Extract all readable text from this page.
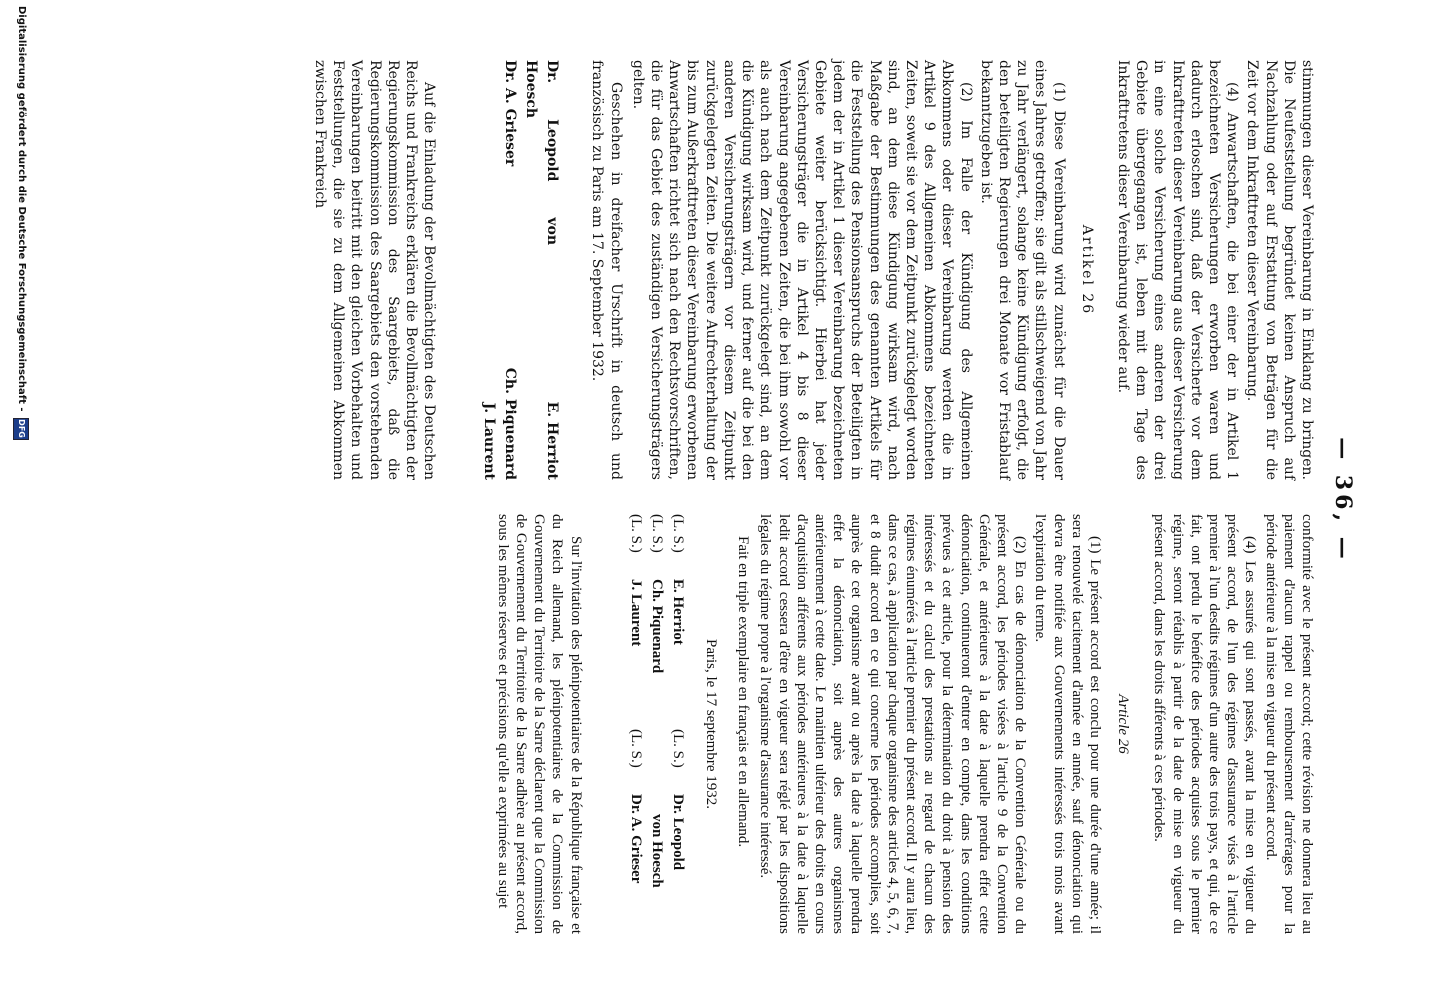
— 36, —

stimmungen dieser Vereinbarung in Einklang zu bringen. Die Neufeststellung begründet keinen Anspruch auf Nachzahlung oder auf Erstattung von Beträgen für die Zeit vor dem Inkrafttreten dieser Vereinbarung.

(4) Anwartschaften, die bei einer der in Artikel 1 bezeichneten Versicherungen erworben waren und dadurch erloschen sind, daß der Versicherte vor dem Inkrafttreten dieser Vereinbarung aus dieser Versicherung in eine solche Versicherung eines anderen der drei Gebiete übergegangen ist, leben mit dem Tage des Inkrafttretens dieser Vereinbarung wieder auf.

Artikel 26

(1) Diese Vereinbarung wird zunächst für die Dauer eines Jahres getroffen; sie gilt als stillschweigend von Jahr zu Jahr verlängert, solange keine Kündigung erfolgt, die den beteiligten Regierungen drei Monate vor Fristablauf bekanntzugeben ist.

(2) Im Falle der Kündigung des Allgemeinen Abkommens oder dieser Vereinbarung werden die in Artikel 9 des Allgemeinen Abkommens bezeichneten Zeiten, soweit sie vor dem Zeitpunkt zurückgelegt worden sind, an dem diese Kündigung wirksam wird, nach Maßgabe der Bestimmungen des genannten Artikels für die Feststellung des Pensionsanspruchs der Beteiligten in jedem der in Artikel 1 dieser Vereinbarung bezeichneten Gebiete weiter berücksichtigt. Hierbei hat jeder Versicherungsträger die in Artikel 4 bis 8 dieser Vereinbarung angegebenen Zeiten, die bei ihm sowohl vor als auch nach dem Zeitpunkt zurückgelegt sind, an dem die Kündigung wirksam wird, und ferner auf die bei den anderen Versicherungsträgern vor diesem Zeitpunkt zurückgelegten Zeiten. Die weitere Aufrechterhaltung der bis zum Außerkrafttreten dieser Vereinbarung erworbenen Anwartschaften richtet sich nach den Rechtsvorschriften, die für das Gebiet des zuständigen Versicherungsträgers gelten.

Geschehen in dreifacher Urschrift in deutsch und französisch zu Paris am 17. September 1932.

Dr. Leopold von Hoesch
E. Herriot
Dr. A. Grieser
Ch. Piquenard
J. Laurent

Auf die Einladung der Bevollmächtigten des Deutschen Reichs und Frankreichs erklären die Bevollmächtigten der Regierungskommission des Saargebiets, daß die Regierungskommission des Saargebiets den vorstehenden Vereinbarungen beitritt mit den gleichen Vorbehalten und Feststellungen, die sie zu dem Allgemeinen Abkommen zwischen Frankreich

conformité avec le présent accord; cette révision ne donnera lieu au paiement d'aucun rappel ou remboursement d'arrérages pour la période antérieure à la mise en vigueur du présent accord.

(4) Les assurés qui sont passés, avant la mise en vigueur du présent accord, de l'un des régimes d'assurance visés à l'article premier à l'un desdits régimes d'un autre des trois pays, et qui, de ce fait, ont perdu le bénéfice des périodes acquises sous le premier régime, seront rétablis à partir de la date de mise en vigueur du présent accord, dans les droits afférents à ces périodes.

Article 26

(1) Le présent accord est conclu pour une durée d'une année; il sera renouvelé tacitement d'année en année, sauf dénonciation qui devra être notifiée aux Gouvernements intéressés trois mois avant l'expiration du terme.

(2) En cas de dénonciation de la Convention Générale ou du présent accord, les périodes visées à l'article 9 de la Convention Générale, et antérieures à la date à laquelle prendra effet cette dénonciation, continueront d'entrer en compte, dans les conditions prévues à cet article, pour la détermination du droit à pension des intéressés et du calcul des prestations au regard de chacun des régimes énumérés à l'article premier du présent accord. Il y aura lieu, dans ce cas, à application par chaque organisme des articles 4, 5, 6, 7, et 8 dudit accord en ce qui concerne les périodes accomplies, soit auprès de cet organisme avant ou après la date à laquelle prendra effet la dénonciation, soit auprès des autres organismes antérieurement à cette date. Le maintien ultérieur des droits en cours d'acquisition afférents aux périodes antérieures à la date à laquelle ledit accord cessera d'être en vigueur sera réglé par les dispositions légales du régime propre à l'organisme d'assurance intéressé.

Fait en triple exemplaire en français et en allemand.

Paris, le 17 septembre 1932.
(L. S.)
E. Herriot
(L. S.)
Dr. Leopold
(L. S.)
Ch. Piquenard
von Hoesch
(L. S.)
J. Laurent
(L. S.)
Dr. A. Grieser

Sur l'invitation des plénipotentiaires de la République française et du Reich allemand, les plénipotentiaires de la Commission de Gouvernement du Territoire de la Sarre déclarent que la Commission de Gouvernement du Territoire de la Sarre adhère au présent accord, sous les mêmes réserves et précisions qu'elle a exprimées au sujet

Digitalisierung gefördert durch die Deutsche Forschungsgemeinschaft -
DFG
